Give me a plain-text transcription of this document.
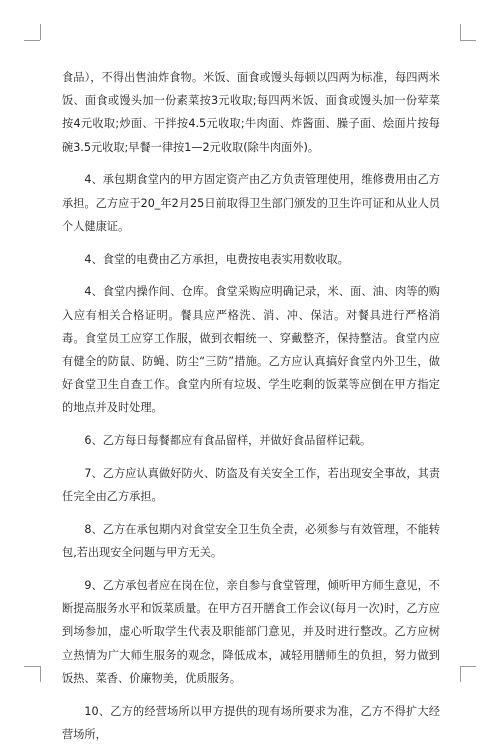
食品），不得出售油炸食物。米饭、面食或馒头每顿以四两为标准，每四两米饭、面食或馒头加一份素菜按3元收取;每四两米饭、面食或馒头加一份荤菜按4元收取;炒面、干拌按4.5元收取;牛肉面、炸酱面、臊子面、烩面片按每碗3.5元收取;早餐一律按1—2元收取(除牛肉面外)。

4、承包期食堂内的甲方固定资产由乙方负责管理使用，维修费用由乙方承担。乙方应于20_年2月25日前取得卫生部门颁发的卫生许可证和从业人员个人健康证。

4、食堂的电费由乙方承担，电费按电表实用数收取。

4、食堂内操作间、仓库。食堂采购应明确记录，米、面、油、肉等的购入应有相关合格证明。餐具应严格洗、消、冲、保洁。对餐具进行严格消毒。食堂员工应穿工作服，做到衣帽统一、穿戴整齐，保持整洁。食堂内应有健全的防鼠、防蝇、防尘“三防”措施。乙方应认真搞好食堂内外卫生，做好食堂卫生自查工作。食堂内所有垃圾、学生吃剩的饭菜等应倒在甲方指定的地点并及时处理。

6、乙方每日每餐都应有食品留样，并做好食品留样记载。

7、乙方应认真做好防火、防盗及有关安全工作，若出现安全事故，其责任完全由乙方承担。

8、乙方在承包期内对食堂安全卫生负全责，必须参与有效管理，不能转包,若出现安全问题与甲方无关。

9、乙方承包者应在岗在位，亲自参与食堂管理，倾听甲方师生意见，不断提高服务水平和饭菜质量。在甲方召开膳食工作会议(每月一次)时，乙方应到场参加，虚心听取学生代表及职能部门意见，并及时进行整改。乙方应树立热情为广大师生服务的观念，降低成本，减轻用膳师生的负担，努力做到饭热、菜香、价廉物美，优质服务。

10、乙方的经营场所以甲方提供的现有场所要求为准，乙方不得扩大经营场所，
